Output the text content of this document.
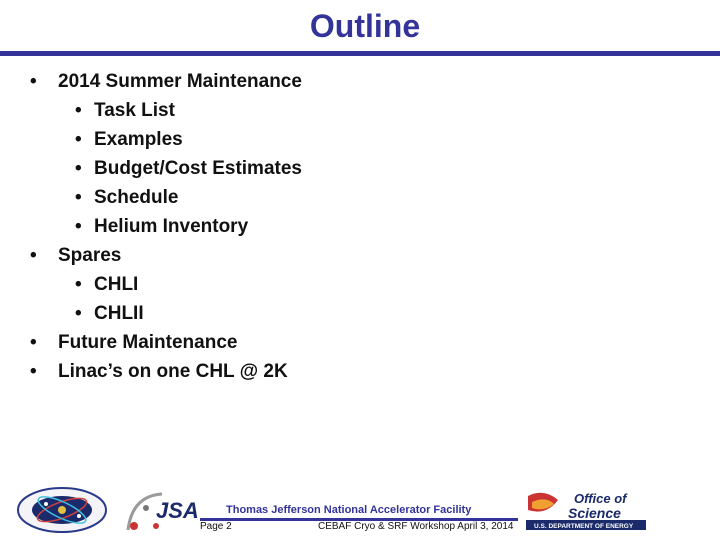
Outline
• 2014 Summer Maintenance
• Task List
• Examples
• Budget/Cost Estimates
• Schedule
• Helium Inventory
• Spares
• CHLI
• CHLII
• Future Maintenance
• Linac’s on one CHL @ 2K
JSA Thomas Jefferson National Accelerator Facility
Page 2	CEBAF Cryo & SRF Workshop April 3, 2014
Office of
Science
U.S. DEPARTMENT OF ENERGY
